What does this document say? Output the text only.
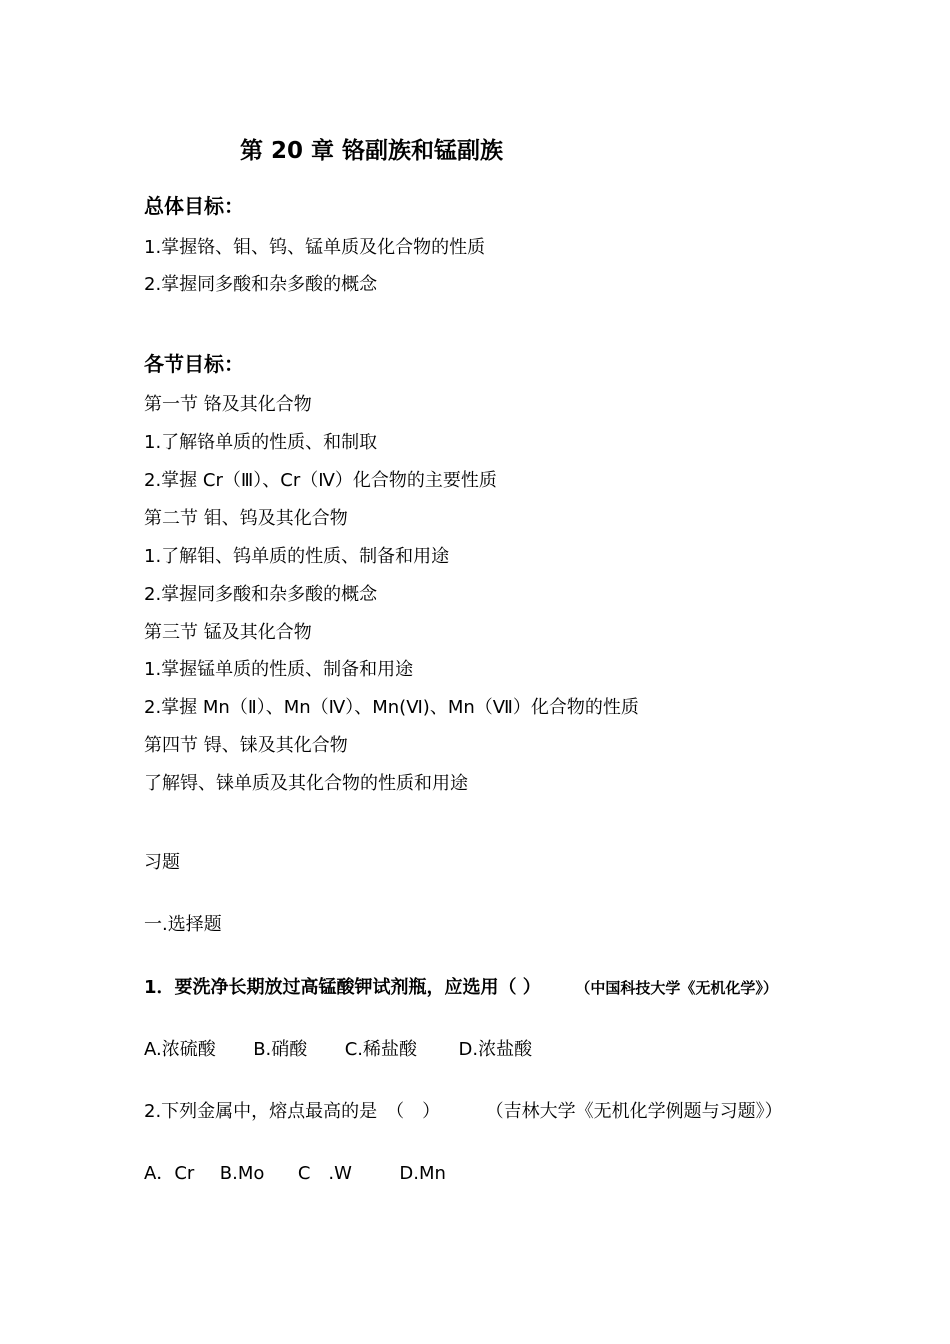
第 20 章 铬副族和锰副族
总体目标：
1.掌握铬、钼、钨、锰单质及化合物的性质
2.掌握同多酸和杂多酸的概念
各节目标：
第一节 铬及其化合物
1.了解铬单质的性质、和制取
2.掌握 Cr（Ⅲ）、Cr（Ⅳ）化合物的主要性质
第二节 钼、钨及其化合物
1.了解钼、钨单质的性质、制备和用途
2.掌握同多酸和杂多酸的概念
第三节 锰及其化合物
1.掌握锰单质的性质、制备和用途
2.掌握 Mn（Ⅱ）、Mn（Ⅳ）、Mn(Ⅵ)、Mn（Ⅶ）化合物的性质
第四节 锝、铼及其化合物
了解锝、铼单质及其化合物的性质和用途
习题
一.选择题
1．要洗净长期放过高锰酸钾试剂瓶，应选用（ ） （中国科技大学《无机化学》）
A.浓硫酸 B.硝酸 C.稀盐酸 D.浓盐酸
2.下列金属中，熔点最高的是　（　）	（吉林大学《无机化学例题与习题》）
A．Cr B.Mo C　.W	D.Mn
